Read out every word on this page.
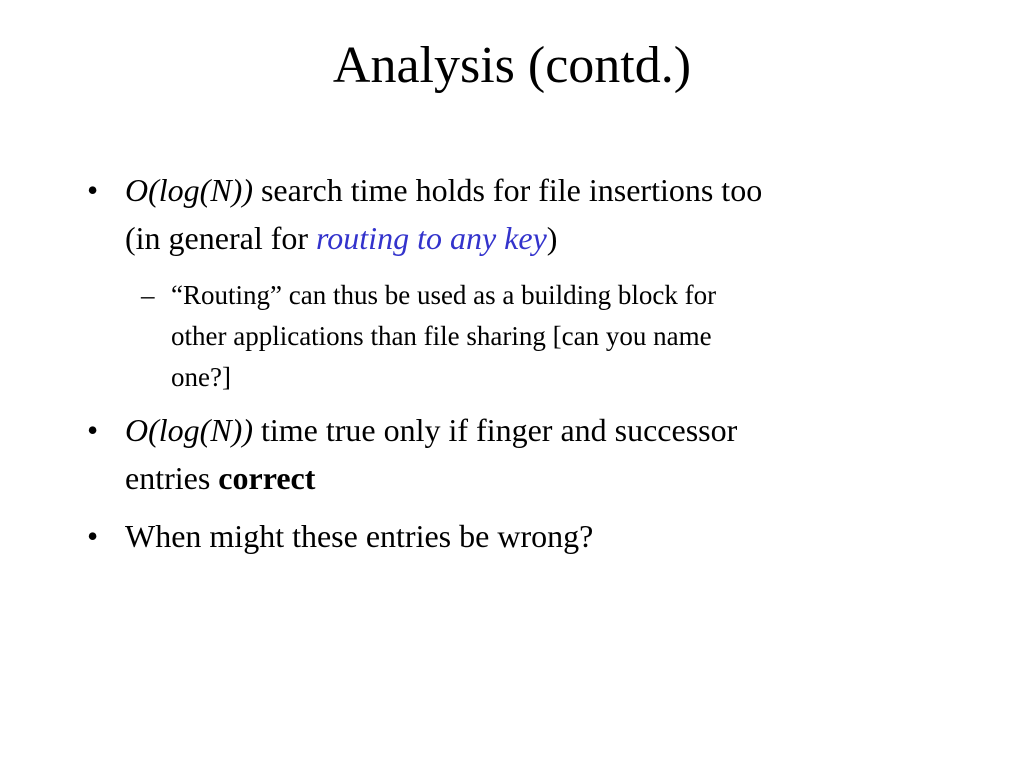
Analysis (contd.)
• O(log(N)) search time holds for file insertions too
(in general for routing to any key)
– “Routing” can thus be used as a building block for
other applications than file sharing [can you name
one?]
• O(log(N)) time true only if finger and successor
entries correct
• When might these entries be wrong?
